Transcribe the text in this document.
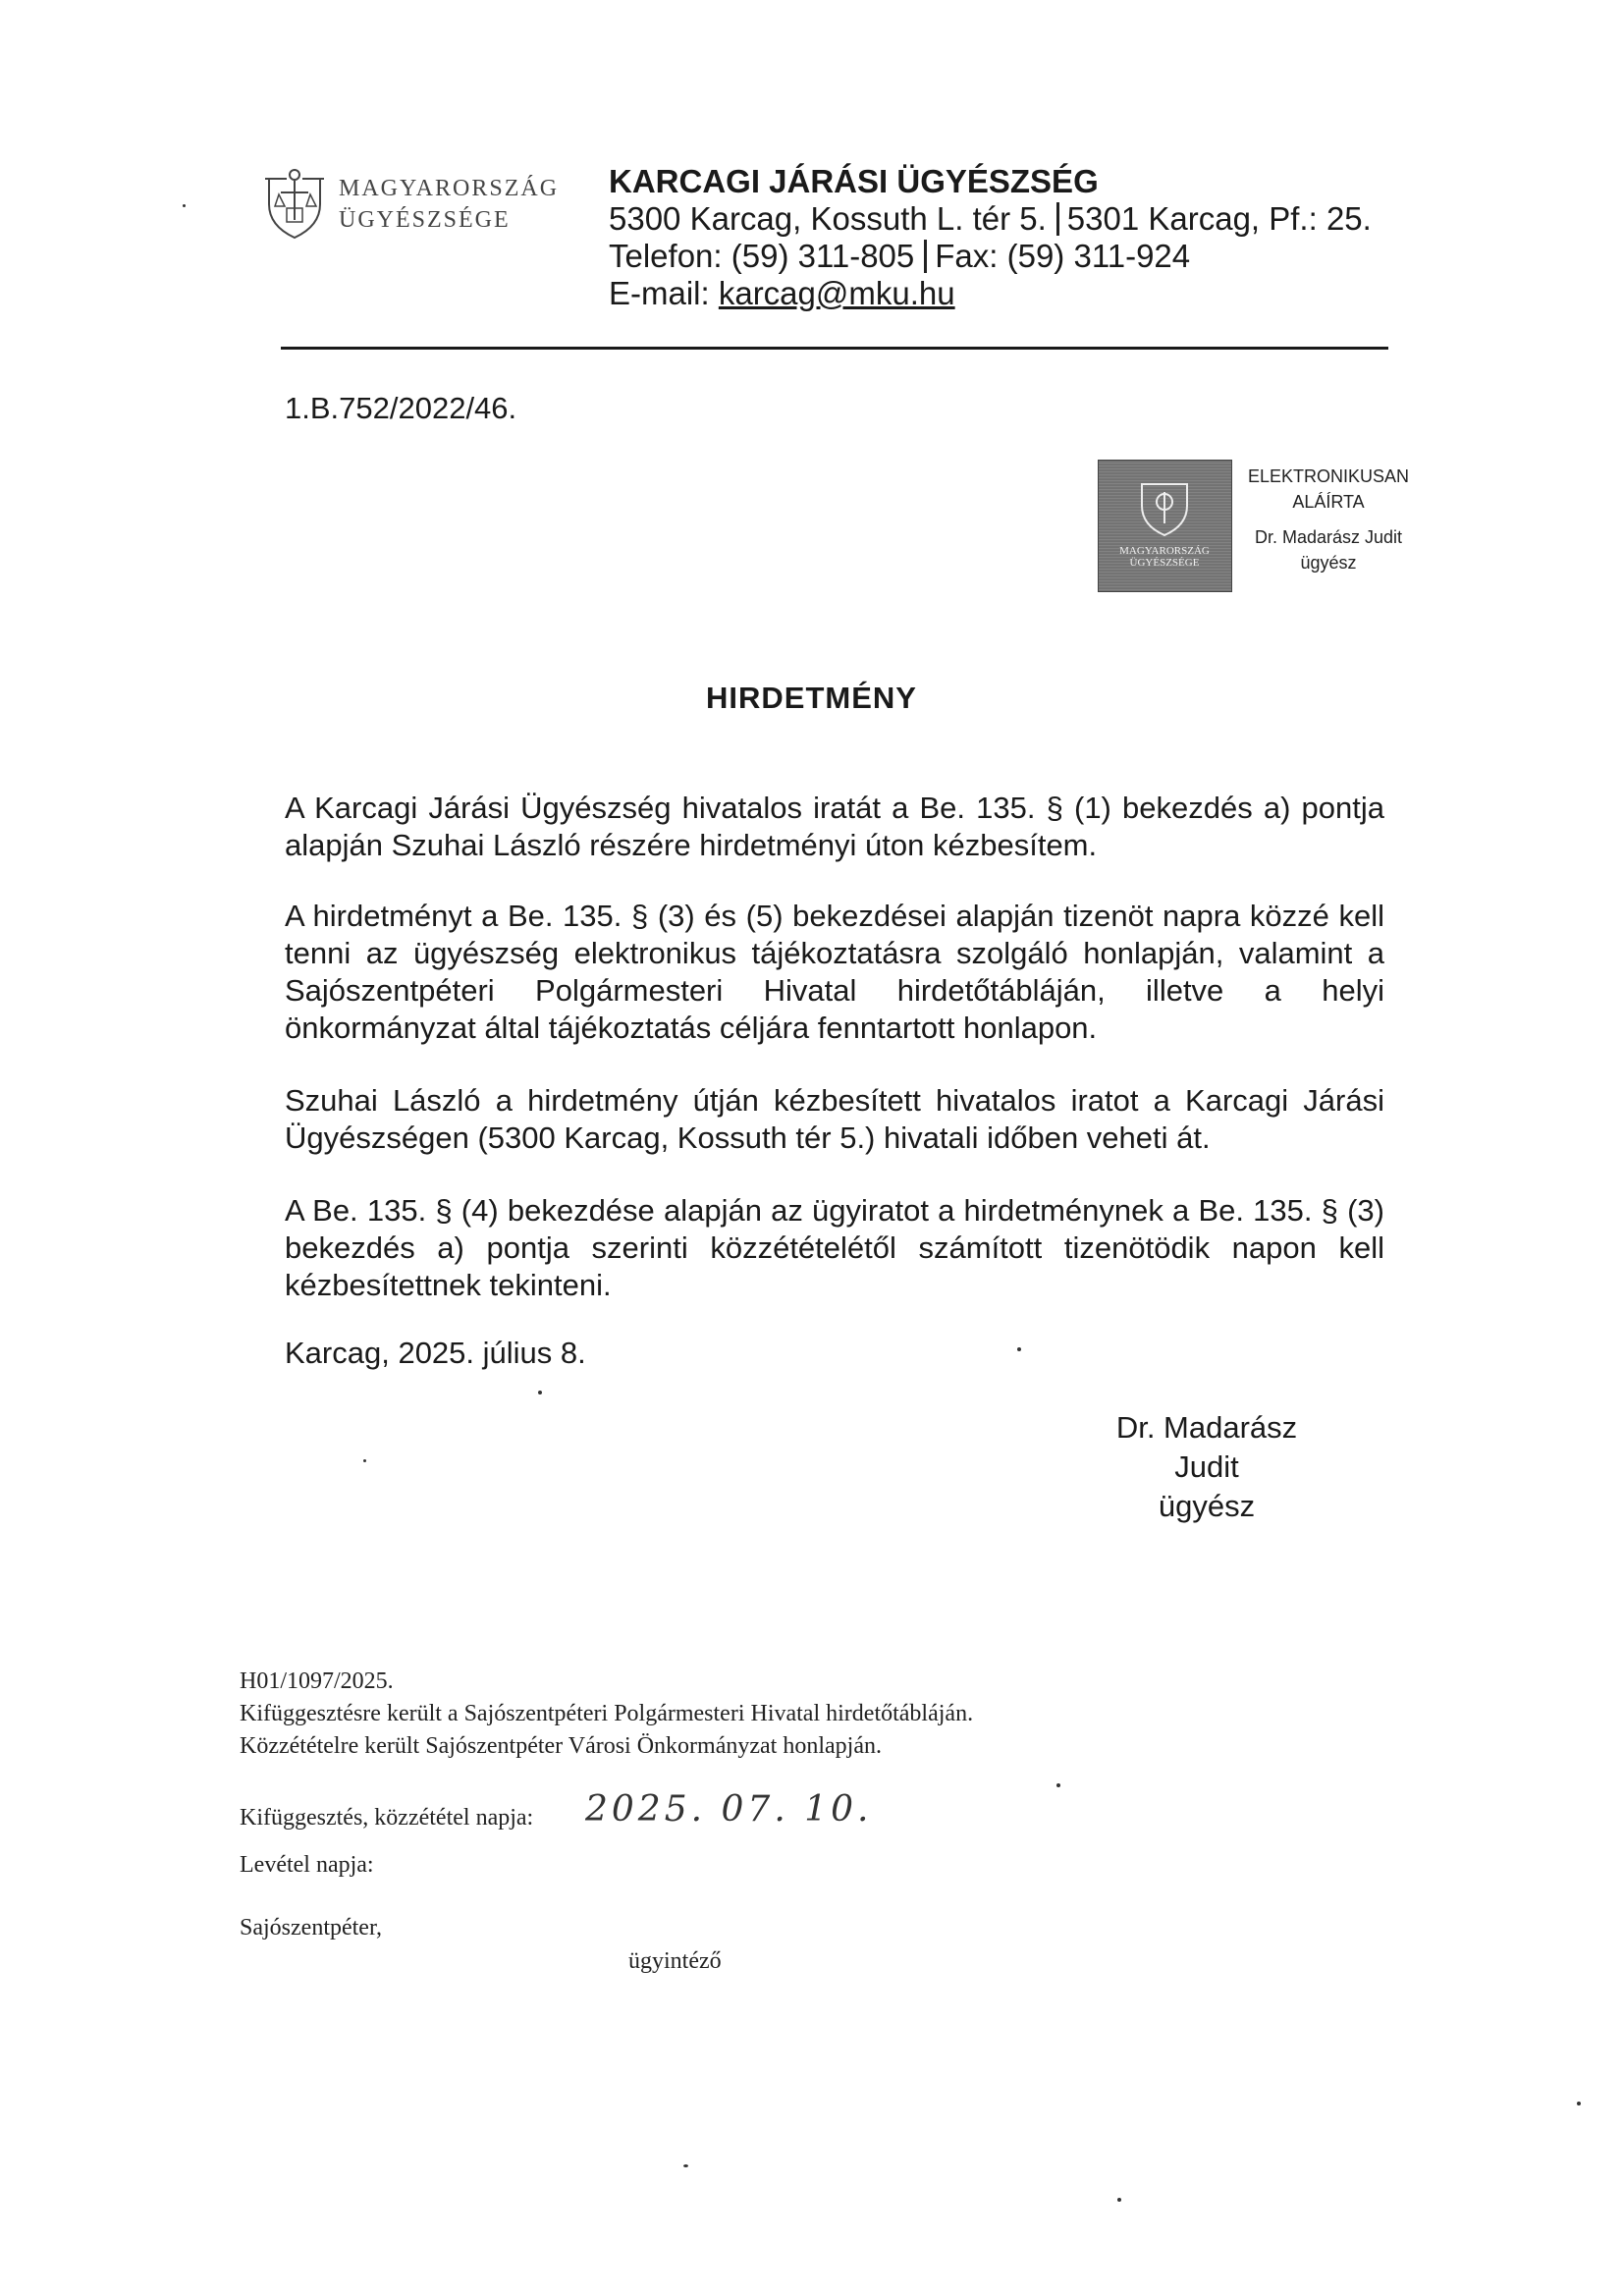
MAGYARORSZÁG
ÜGYÉSZSÉGE
KARCAGI JÁRÁSI ÜGYÉSZSÉG
5300 Karcag, Kossuth L. tér 5. 5301 Karcag, Pf.: 25.
Telefon: (59) 311-805 Fax: (59) 311-924
E-mail: karcag@mku.hu
1.B.752/2022/46.
MAGYARORSZÁG
ÜGYÉSZSÉGE
ELEKTRONIKUSAN
ALÁÍRTA
Dr. Madarász Judit
ügyész
HIRDETMÉNY
A Karcagi Járási Ügyészség hivatalos iratát a Be. 135. § (1) bekezdés a) pontja alapján Szuhai László részére hirdetményi úton kézbesítem.
A hirdetményt a Be. 135. § (3) és (5) bekezdései alapján tizenöt napra közzé kell tenni az ügyészség elektronikus tájékoztatásra szolgáló honlapján, valamint a Sajószentpéteri Polgármesteri Hivatal hirdetőtábláján, illetve a helyi önkormányzat által tájékoztatás céljára fenntartott honlapon.
Szuhai László a hirdetmény útján kézbesített hivatalos iratot a Karcagi Járási Ügyészségen (5300 Karcag, Kossuth tér 5.) hivatali időben veheti át.
A Be. 135. § (4) bekezdése alapján az ügyiratot a hirdetménynek a Be. 135. § (3) bekezdés a) pontja szerinti közzétételétől számított tizenötödik napon kell kézbesítettnek tekinteni.
Karcag, 2025. július 8.
Dr. Madarász Judit
ügyész
H01/1097/2025.
Kifüggesztésre került a Sajószentpéteri Polgármesteri Hivatal hirdetőtábláján.
Közzétételre került Sajószentpéter Városi Önkormányzat honlapján.
Kifüggesztés, közzététel napja: 2025. 07. 10.
Levétel napja:
Sajószentpéter,
ügyintéző
